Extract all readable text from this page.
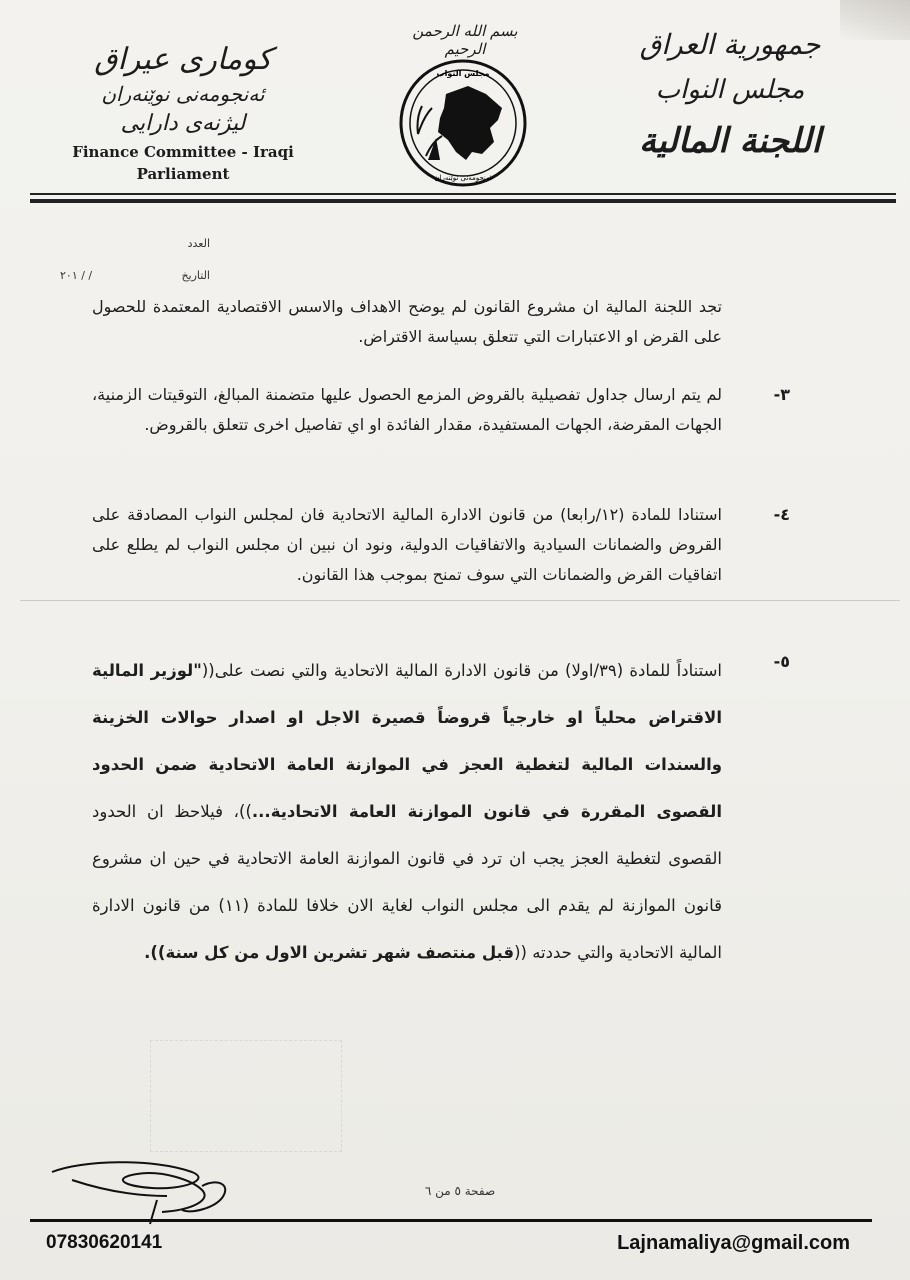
کوماری عیراق
ئەنجومەنی نوێنەران
لیژنەی دارایی
Finance Committee - Iraqi
Parliament
بسم الله الرحمن الرحيم
مجلس النواب
ئەنجومەنی نوێنەران
جمهورية العراق
مجلس النواب
اللجنة المالية
العدد
التاريخ
/ / ٢٠١
تجد اللجنة المالية ان مشروع القانون لم يوضح الاهداف والاسس الاقتصادية المعتمدة للحصول على القرض او الاعتبارات التي تتعلق بسياسة الاقتراض.
٣-
لم يتم ارسال جداول تفصيلية بالقروض المزمع الحصول عليها متضمنة المبالغ، التوقيتات الزمنية، الجهات المقرضة، الجهات المستفيدة، مقدار الفائدة او اي تفاصيل اخرى تتعلق بالقروض.
٤-
استنادا للمادة (١٢/رابعا) من قانون الادارة المالية الاتحادية فان لمجلس النواب المصادقة على القروض والضمانات السيادية والاتفاقيات الدولية، ونود ان نبين ان مجلس النواب لم يطلع على اتفاقيات القرض والضمانات التي سوف تمنح بموجب هذا القانون.
٥-
استناداً للمادة (٣٩/اولا) من قانون الادارة المالية الاتحادية والتي نصت على(("لوزير المالية الاقتراض محلياً او خارجياً قروضاً قصيرة الاجل او اصدار حوالات الخزينة والسندات المالية لتغطية العجز في الموازنة العامة الاتحادية ضمن الحدود القصوى المقررة في قانون الموازنة العامة الاتحادية...))، فيلاحظ ان الحدود القصوى لتغطية العجز يجب ان ترد في قانون الموازنة العامة الاتحادية في حين ان مشروع قانون الموازنة لم يقدم الى مجلس النواب لغاية الان خلافا للمادة (١١) من قانون الادارة المالية الاتحادية والتي حددته ((قبل منتصف شهر تشرين الاول من كل سنة)).
صفحة ٥ من ٦
07830620141	Lajnamaliya@gmail.com
